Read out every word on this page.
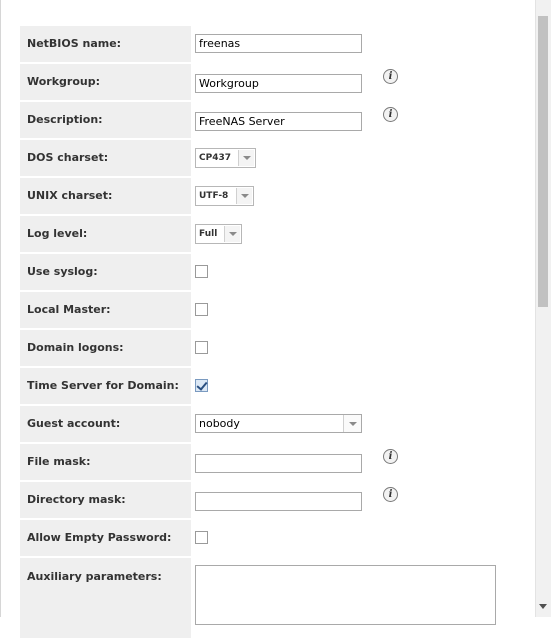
NetBIOS name:	freenas
Workgroup:	Workgroup
i
Description:	FreeNAS Server
i
DOS charset:	CP437
UNIX charset:	UTF-8
Log level:	Full
Use syslog:
Local Master:
Domain logons:
Time Server for Domain:
Guest account:	nobody
File mask:	i
Directory mask:	i
Allow Empty Password:
Auxiliary parameters:
